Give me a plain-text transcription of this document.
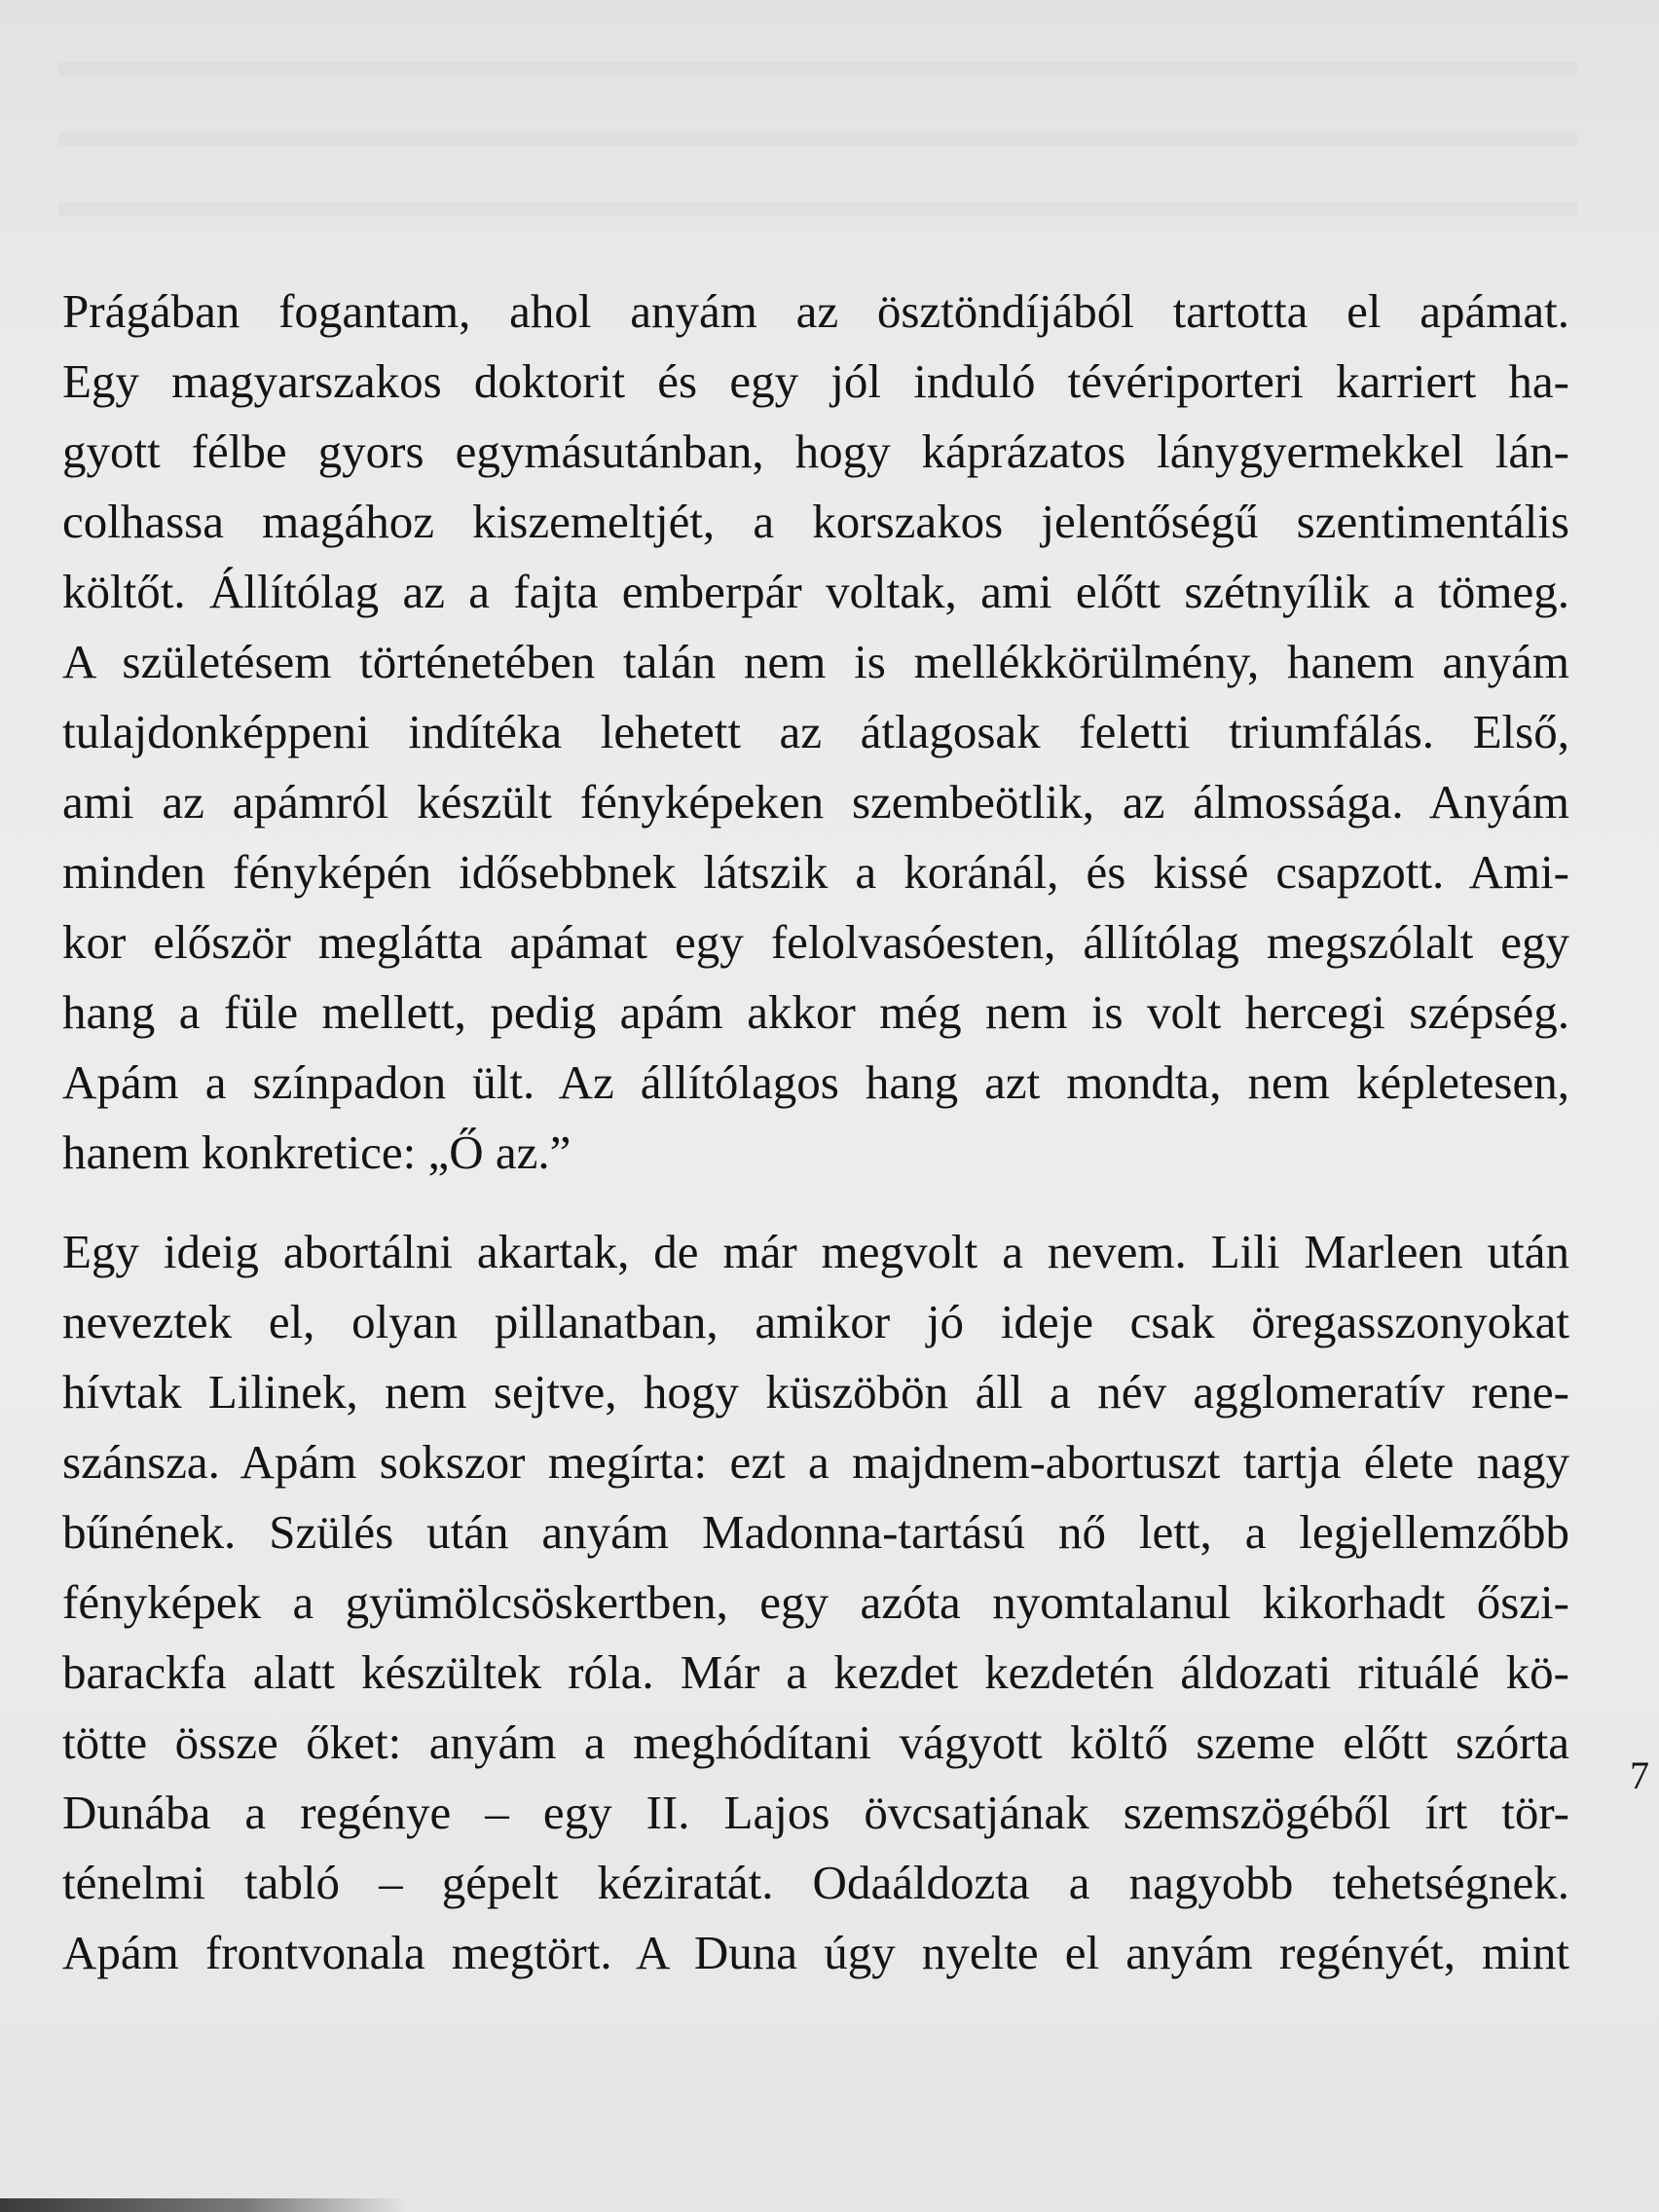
Prágában fogantam, ahol anyám az ösztöndíjából tartotta el apámat.
Egy magyarszakos doktorit és egy jól induló tévériporteri karriert ha-
gyott félbe gyors egymásutánban, hogy káprázatos lánygyermekkel lán-
colhassa magához kiszemeltjét, a korszakos jelentőségű szentimentális
költőt. Állítólag az a fajta emberpár voltak, ami előtt szétnyílik a tömeg.
A születésem történetében talán nem is mellékkörülmény, hanem anyám
tulajdonképpeni indítéka lehetett az átlagosak feletti triumfálás. Első,
ami az apámról készült fényképeken szembeötlik, az álmossága. Anyám
minden fényképén idősebbnek látszik a koránál, és kissé csapzott. Ami-
kor először meglátta apámat egy felolvasóesten, állítólag megszólalt egy
hang a füle mellett, pedig apám akkor még nem is volt hercegi szépség.
Apám a színpadon ült. Az állítólagos hang azt mondta, nem képletesen,
hanem konkretice: „Ő az.”
Egy ideig abortálni akartak, de már megvolt a nevem. Lili Marleen után
neveztek el, olyan pillanatban, amikor jó ideje csak öregasszonyokat
hívtak Lilinek, nem sejtve, hogy küszöbön áll a név agglomeratív rene-
szánsza. Apám sokszor megírta: ezt a majdnem-abortuszt tartja élete nagy
bűnének. Szülés után anyám Madonna-tartású nő lett, a legjellemzőbb
fényképek a gyümölcsöskertben, egy azóta nyomtalanul kikorhadt őszi-
barackfa alatt készültek róla. Már a kezdet kezdetén áldozati rituálé kö-
tötte össze őket: anyám a meghódítani vágyott költő szeme előtt szórta
Dunába a regénye – egy II. Lajos övcsatjának szemszögéből írt tör-
ténelmi tabló – gépelt kéziratát. Odaáldozta a nagyobb tehetségnek.
Apám frontvonala megtört. A Duna úgy nyelte el anyám regényét, mint
7
